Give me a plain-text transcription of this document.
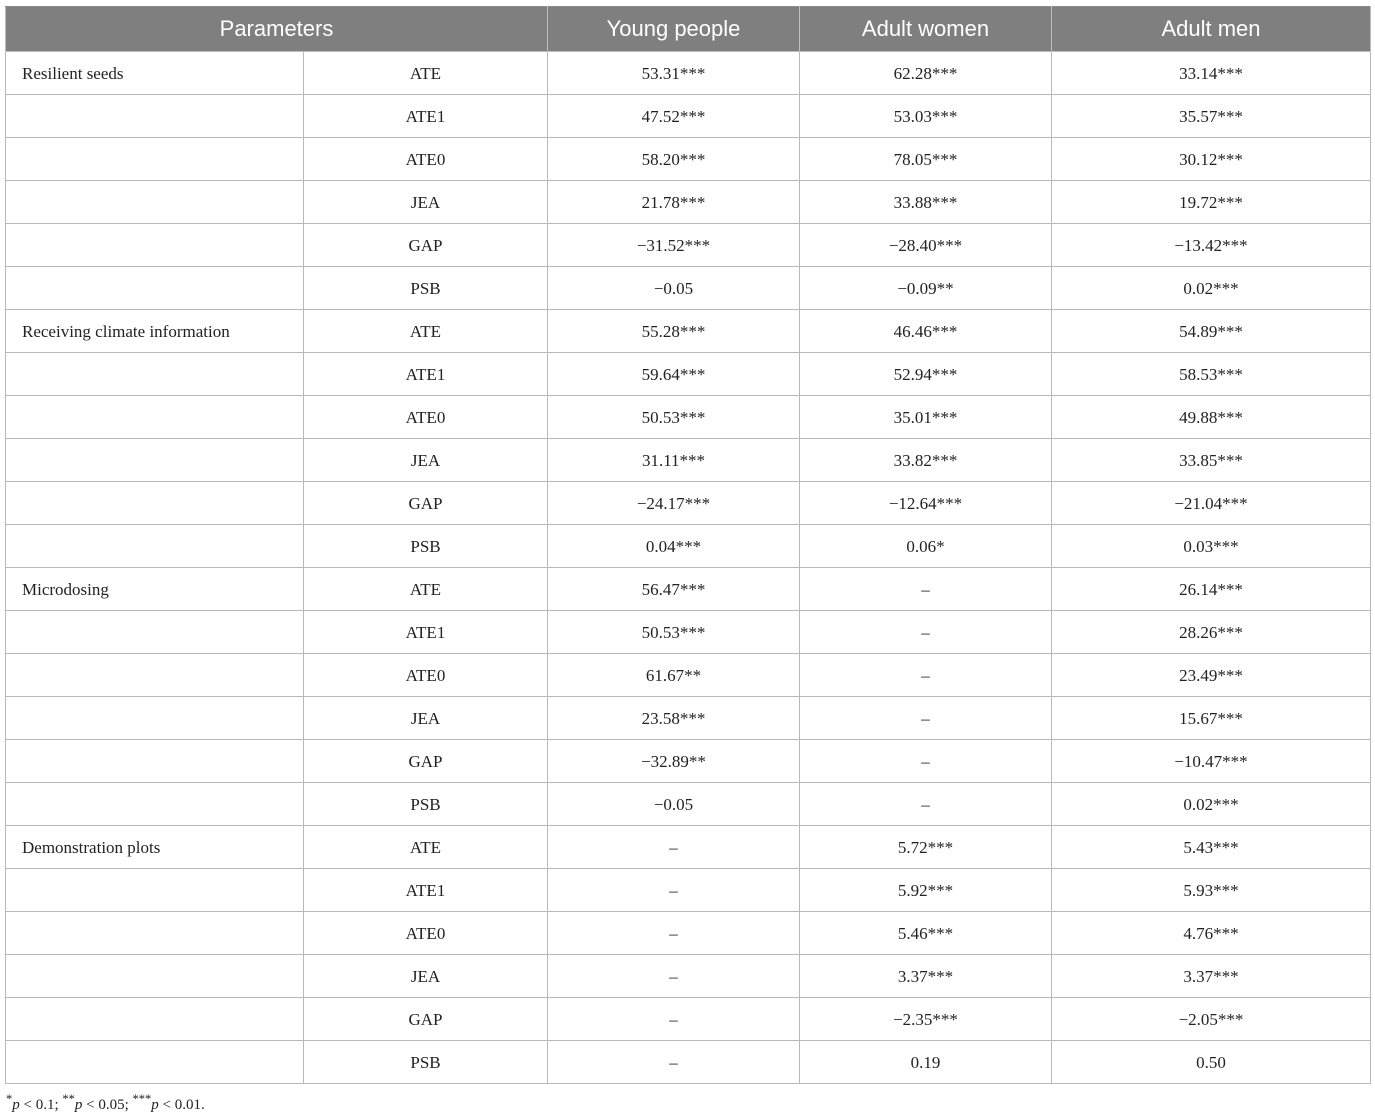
Parameters		Young people	Adult women	Adult men
Resilient seeds	ATE	53.31***	62.28***	33.14***
	ATE1	47.52***	53.03***	35.57***
	ATE0	58.20***	78.05***	30.12***
	JEA	21.78***	33.88***	19.72***
	GAP	−31.52***	−28.40***	−13.42***
	PSB	−0.05	−0.09**	0.02***
Receiving climate information	ATE	55.28***	46.46***	54.89***
	ATE1	59.64***	52.94***	58.53***
	ATE0	50.53***	35.01***	49.88***
	JEA	31.11***	33.82***	33.85***
	GAP	−24.17***	−12.64***	−21.04***
	PSB	0.04***	0.06*	0.03***
Microdosing	ATE	56.47***	–	26.14***
	ATE1	50.53***	–	28.26***
	ATE0	61.67**	–	23.49***
	JEA	23.58***	–	15.67***
	GAP	−32.89**	–	−10.47***
	PSB	−0.05	–	0.02***
Demonstration plots	ATE	–	5.72***	5.43***
	ATE1	–	5.92***	5.93***
	ATE0	–	5.46***	4.76***
	JEA	–	3.37***	3.37***
	GAP	–	−2.35***	−2.05***
	PSB	–	0.19	0.50
*p < 0.1; **p < 0.05; ***p < 0.01.
